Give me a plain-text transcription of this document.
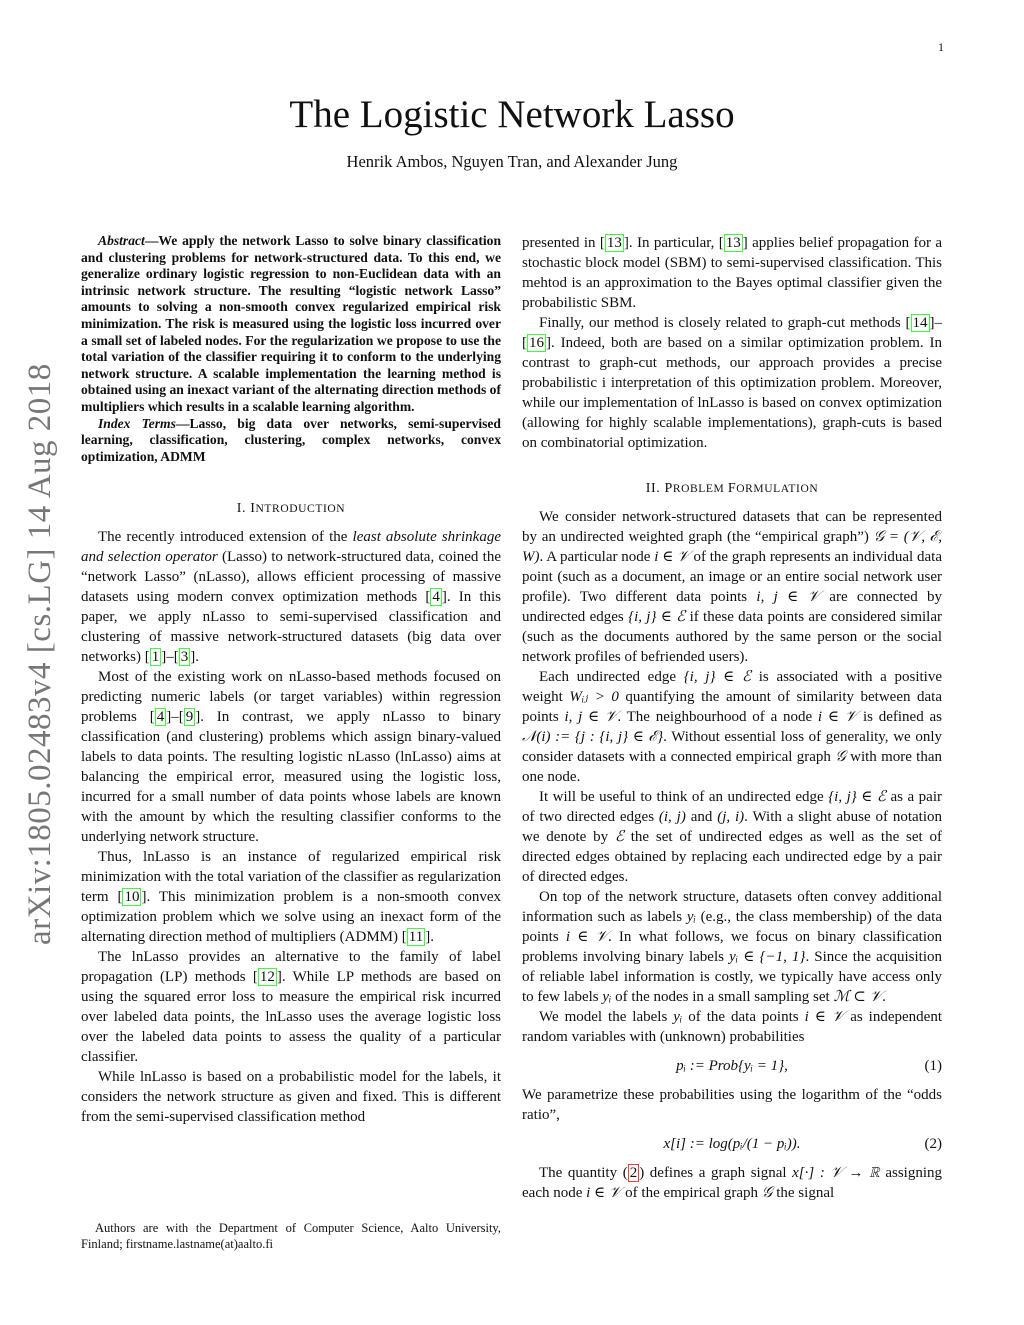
1
arXiv:1805.02483v4 [cs.LG] 14 Aug 2018
The Logistic Network Lasso
Henrik Ambos, Nguyen Tran, and Alexander Jung

Abstract—We apply the network Lasso to solve binary classification and clustering problems for network-structured data. To this end, we generalize ordinary logistic regression to non-Euclidean data with an intrinsic network structure. The resulting “logistic network Lasso” amounts to solving a non-smooth convex regularized empirical risk minimization. The risk is measured using the logistic loss incurred over a small set of labeled nodes. For the regularization we propose to use the total variation of the classifier requiring it to conform to the underlying network structure. A scalable implementation the learning method is obtained using an inexact variant of the alternating direction methods of multipliers which results in a scalable learning algorithm.

Index Terms—Lasso, big data over networks, semi-supervised learning, classification, clustering, complex networks, convex optimization, ADMM

I. INTRODUCTION

The recently introduced extension of the least absolute shrinkage and selection operator (Lasso) to network-structured data, coined the “network Lasso” (nLasso), allows efficient processing of massive datasets using modern convex optimization methods [ 4 ]. In this paper, we apply nLasso to semi-supervised classification and clustering of massive network-structured datasets (big data over networks) [ 1 ]–[ 3 ].

Most of the existing work on nLasso-based methods focused on predicting numeric labels (or target variables) within regression problems [ 4 ]–[ 9 ]. In contrast, we apply nLasso to binary classification (and clustering) problems which assign binary-valued labels to data points. The resulting logistic nLasso (lnLasso) aims at balancing the empirical error, measured using the logistic loss, incurred for a small number of data points whose labels are known with the amount by which the resulting classifier conforms to the underlying network structure.

Thus, lnLasso is an instance of regularized empirical risk minimization with the total variation of the classifier as regularization term [ 10 ]. This minimization problem is a non-smooth convex optimization problem which we solve using an inexact form of the alternating direction method of multipliers (ADMM) [ 11 ].

The lnLasso provides an alternative to the family of label propagation (LP) methods [ 12 ]. While LP methods are based on using the squared error loss to measure the empirical risk incurred over labeled data points, the lnLasso uses the average logistic loss over the labeled data points to assess the quality of a particular classifier.

While lnLasso is based on a probabilistic model for the labels, it considers the network structure as given and fixed. This is different from the semi-supervised classification method

Authors are with the Department of Computer Science, Aalto University, Finland; firstname.lastname(at)aalto.fi

presented in [ 13 ]. In particular, [ 13 ] applies belief propagation for a stochastic block model (SBM) to semi-supervised classification. This mehtod is an approximation to the Bayes optimal classifier given the probabilistic SBM.

Finally, our method is closely related to graph-cut methods [ 14 ]–[ 16 ]. Indeed, both are based on a similar optimization problem. In contrast to graph-cut methods, our approach provides a precise probabilistic i interpretation of this optimization problem. Moreover, while our implementation of lnLasso is based on convex optimization (allowing for highly scalable implementations), graph-cuts is based on combinatorial optimization.

II. PROBLEM FORMULATION

We consider network-structured datasets that can be represented by an undirected weighted graph (the “empirical graph”) 𝒢 = (𝒱, ℰ, W). A particular node i ∈ 𝒱 of the graph represents an individual data point (such as a document, an image or an entire social network user profile). Two different data points i, j ∈ 𝒱 are connected by undirected edges {i, j} ∈ ℰ if these data points are considered similar (such as the documents authored by the same person or the social network profiles of befriended users).

Each undirected edge {i, j} ∈ ℰ is associated with a positive weight Wᵢⱼ > 0 quantifying the amount of similarity between data points i, j ∈ 𝒱. The neighbourhood of a node i ∈ 𝒱 is defined as 𝒩(i) := {j : {i, j} ∈ ℰ}. Without essential loss of generality, we only consider datasets with a connected empirical graph 𝒢 with more than one node.

It will be useful to think of an undirected edge {i, j} ∈ ℰ as a pair of two directed edges (i, j) and (j, i). With a slight abuse of notation we denote by ℰ the set of undirected edges as well as the set of directed edges obtained by replacing each undirected edge by a pair of directed edges.

On top of the network structure, datasets often convey additional information such as labels yᵢ (e.g., the class membership) of the data points i ∈ 𝒱. In what follows, we focus on binary classification problems involving binary labels yᵢ ∈ {−1, 1}. Since the acquisition of reliable label information is costly, we typically have access only to few labels yᵢ of the nodes in a small sampling set ℳ ⊂ 𝒱.

We model the labels yᵢ of the data points i ∈ 𝒱 as independent random variables with (unknown) probabilities

pᵢ := Prob{yᵢ = 1},	(1)

We parametrize these probabilities using the logarithm of the “odds ratio”,

x[i] := log(pᵢ/(1 − pᵢ)).	(2)

The quantity ( 2 ) defines a graph signal x[·] : 𝒱 → ℝ assigning each node i ∈ 𝒱 of the empirical graph 𝒢 the signal
